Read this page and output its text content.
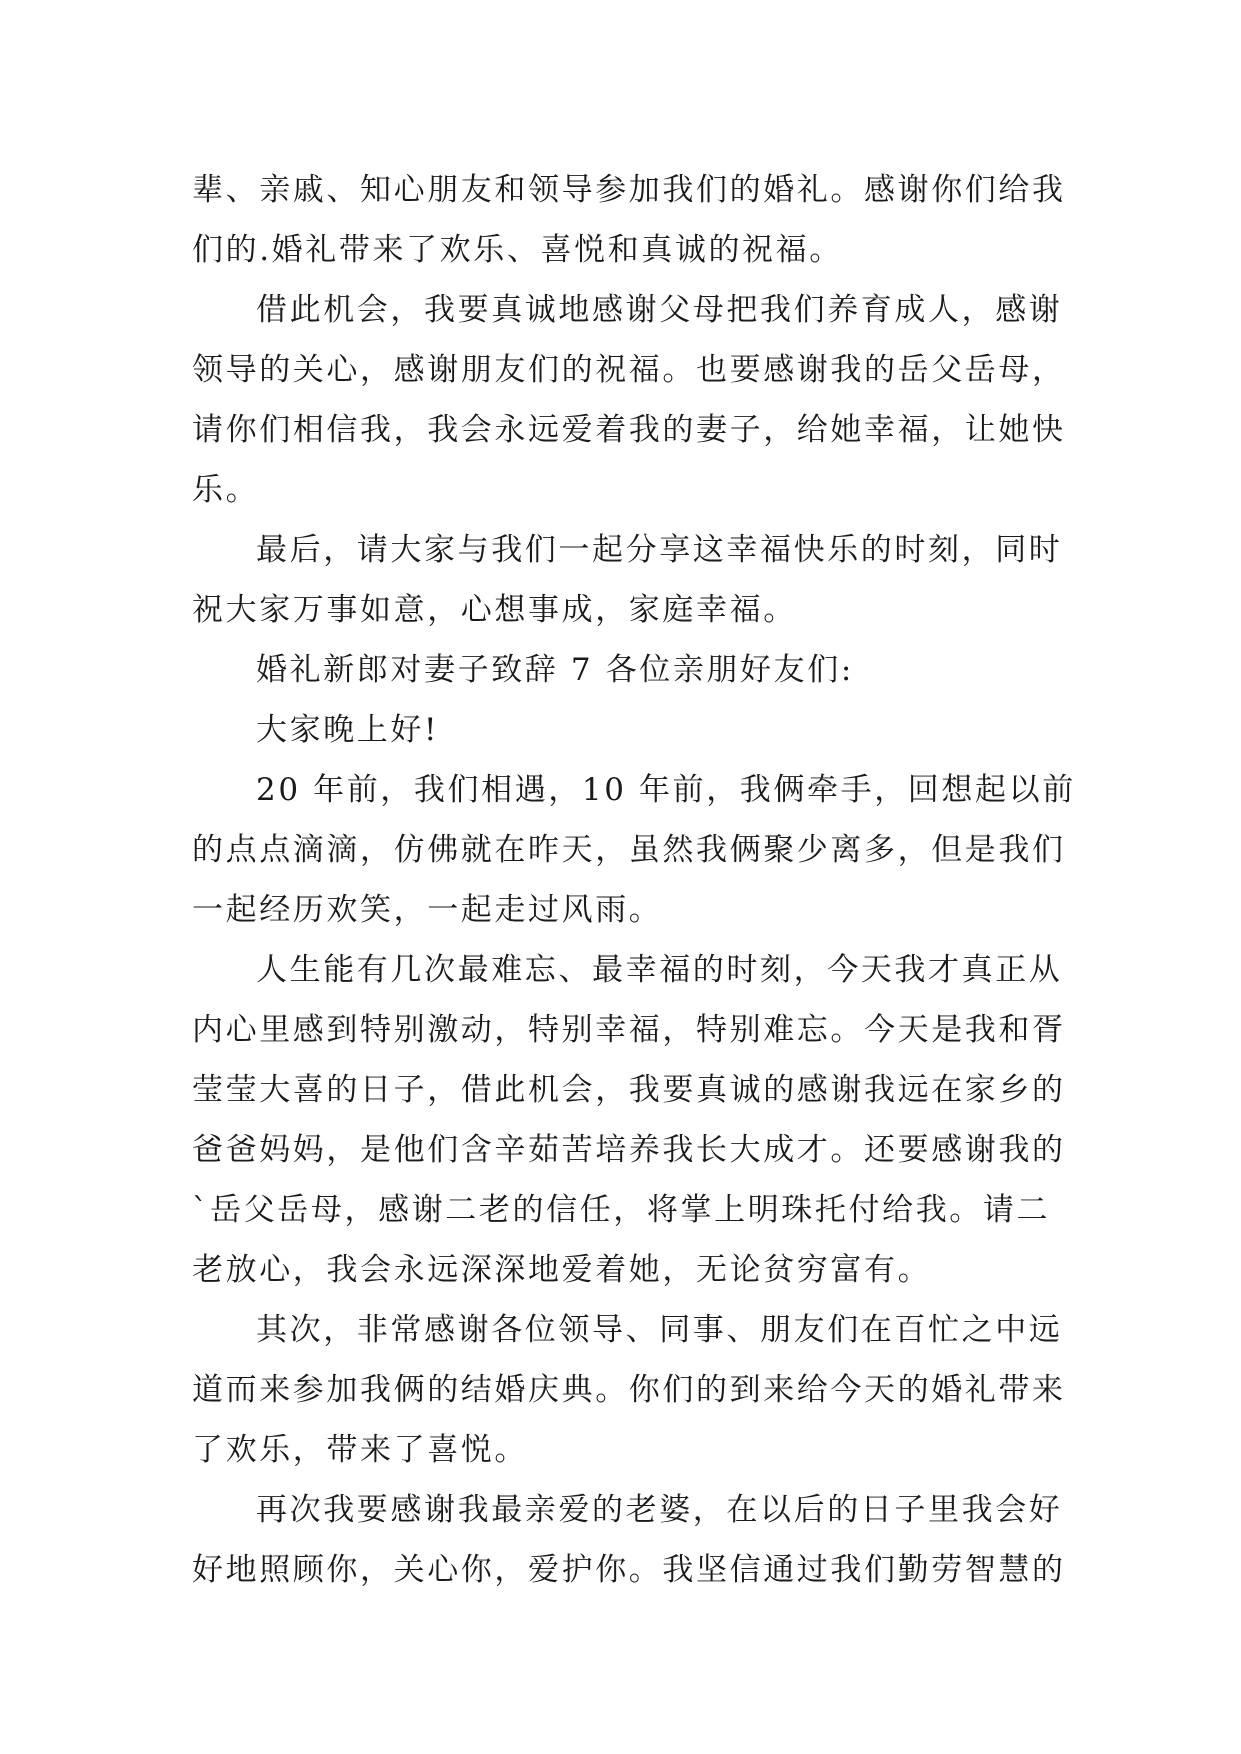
辈、亲戚、知心朋友和领导参加我们的婚礼。感谢你们给我
们的.婚礼带来了欢乐、喜悦和真诚的祝福。
借此机会，我要真诚地感谢父母把我们养育成人，感谢
领导的关心，感谢朋友们的祝福。也要感谢我的岳父岳母，
请你们相信我，我会永远爱着我的妻子，给她幸福，让她快
乐。
最后，请大家与我们一起分享这幸福快乐的时刻，同时
祝大家万事如意，心想事成，家庭幸福。
婚礼新郎对妻子致辞 7 各位亲朋好友们:
大家晚上好!
20 年前，我们相遇，10 年前，我俩牵手，回想起以前
的点点滴滴，仿佛就在昨天，虽然我俩聚少离多，但是我们
一起经历欢笑，一起走过风雨。
人生能有几次最难忘、最幸福的时刻，今天我才真正从
内心里感到特别激动，特别幸福，特别难忘。今天是我和胥
莹莹大喜的日子，借此机会，我要真诚的感谢我远在家乡的
爸爸妈妈，是他们含辛茹苦培养我长大成才。还要感谢我的
`岳父岳母，感谢二老的信任，将掌上明珠托付给我。请二
老放心，我会永远深深地爱着她，无论贫穷富有。
其次，非常感谢各位领导、同事、朋友们在百忙之中远
道而来参加我俩的结婚庆典。你们的到来给今天的婚礼带来
了欢乐，带来了喜悦。
再次我要感谢我最亲爱的老婆，在以后的日子里我会好
好地照顾你，关心你，爱护你。我坚信通过我们勤劳智慧的
